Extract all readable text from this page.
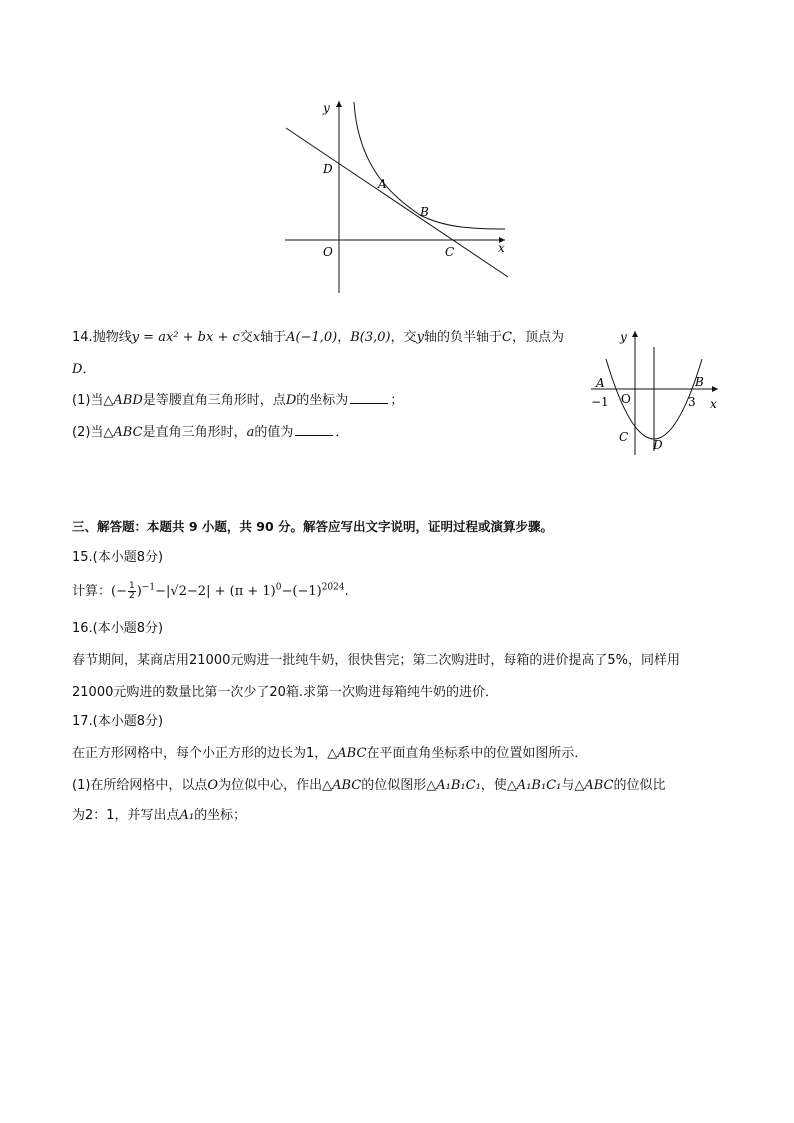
y
x
O
D
A
B
C
14.抛物线y = ax² + bx + c交x轴于A(−1,0)，B(3,0)，交y轴的负半轴于C，顶点为
D．
(1)当△ABD是等腰直角三角形时，点D的坐标为	；
(2)当△ABC是直角三角形时，a的值为	．
y
x
A	B
−1 O	3
C
D
三、解答题：本题共 9 小题，共 90 分。解答应写出文字说明，证明过程或演算步骤。
15.(本小题8分)
计算：(− $\frac{1}{2} )^{-1}-|√2-2| + (\pi + 1)^0-(-1)^{2024}$.
16.(本小题8分)
春节期间，某商店用21000元购进一批纯牛奶，很快售完；第二次购进时，每箱的进价提高了5%，同样用
21000元购进的数量比第一次少了20箱.求第一次购进每箱纯牛奶的进价．
17.(本小题8分)
在正方形网格中，每个小正方形的边长为1，△ABC在平面直角坐标系中的位置如图所示．
(1)在所给网格中，以点O为位似中心，作出△ABC的位似图形△A₁B₁C₁，使△A₁B₁C₁与△ABC的位似比
为2：1，并写出点A₁的坐标；
